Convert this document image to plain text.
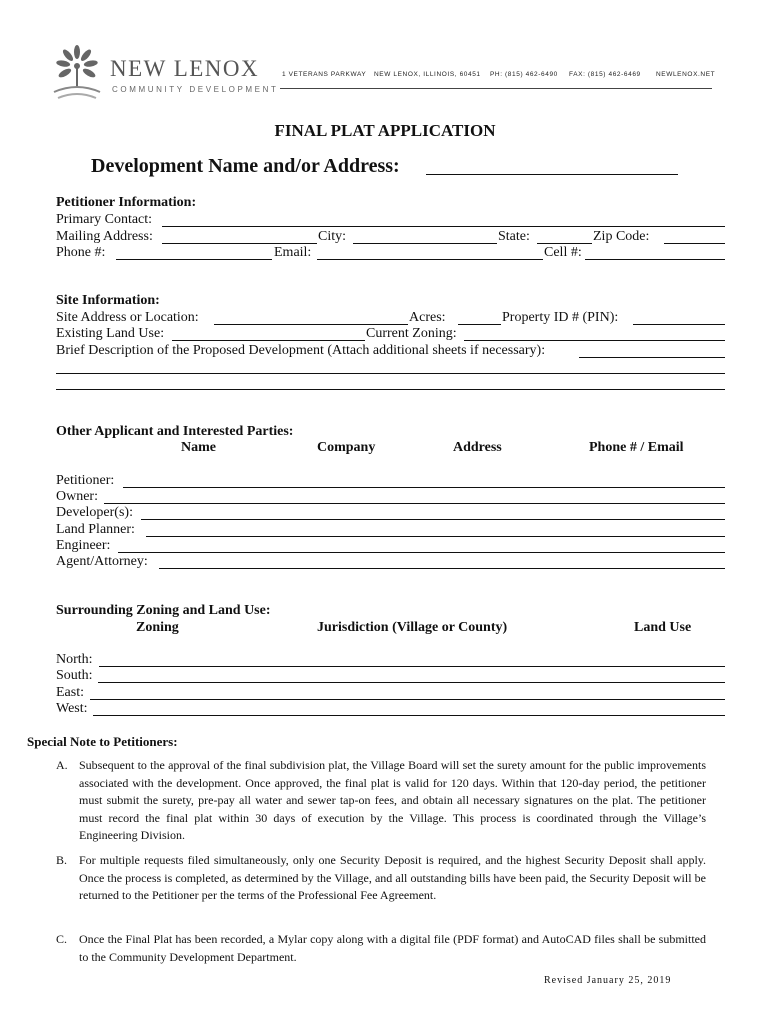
NEW LENOX
COMMUNITY DEVELOPMENT
1 VETERANS PARKWAY NEW LENOX, ILLINOIS, 60451 PH: (815) 462-6490 FAX: (815) 462-6469 NEWLENOX.NET
FINAL PLAT APPLICATION
Development Name and/or Address:
Petitioner Information:
Primary Contact:
Mailing Address:	City:	State:	Zip Code:
Phone #:	Email:	Cell #:
Site Information:
Site Address or Location:	Acres:	Property ID # (PIN):
Existing Land Use:	Current Zoning:
Brief Description of the Proposed Development (Attach additional sheets if necessary):
Other Applicant and Interested Parties:
Name	Company	Address	Phone # / Email
Petitioner:
Owner:
Developer(s):
Land Planner:
Engineer:
Agent/Attorney:
Surrounding Zoning and Land Use:
Zoning	Jurisdiction (Village or County)	Land Use
North:
South:
East:
West:
Special Note to Petitioners:
A. Subsequent to the approval of the final subdivision plat, the Village Board will set the surety amount for the public improvements associated with the development. Once approved, the final plat is valid for 120 days. Within that 120-day period, the petitioner must submit the surety, pre-pay all water and sewer tap-on fees, and obtain all necessary signatures on the plat. The petitioner must record the final plat within 30 days of execution by the Village. This process is coordinated through the Village’s Engineering Division.
B. For multiple requests filed simultaneously, only one Security Deposit is required, and the highest Security Deposit shall apply. Once the process is completed, as determined by the Village, and all outstanding bills have been paid, the Security Deposit will be returned to the Petitioner per the terms of the Professional Fee Agreement.
C. Once the Final Plat has been recorded, a Mylar copy along with a digital file (PDF format) and AutoCAD files shall be submitted to the Community Development Department.
Revised January 25, 2019
